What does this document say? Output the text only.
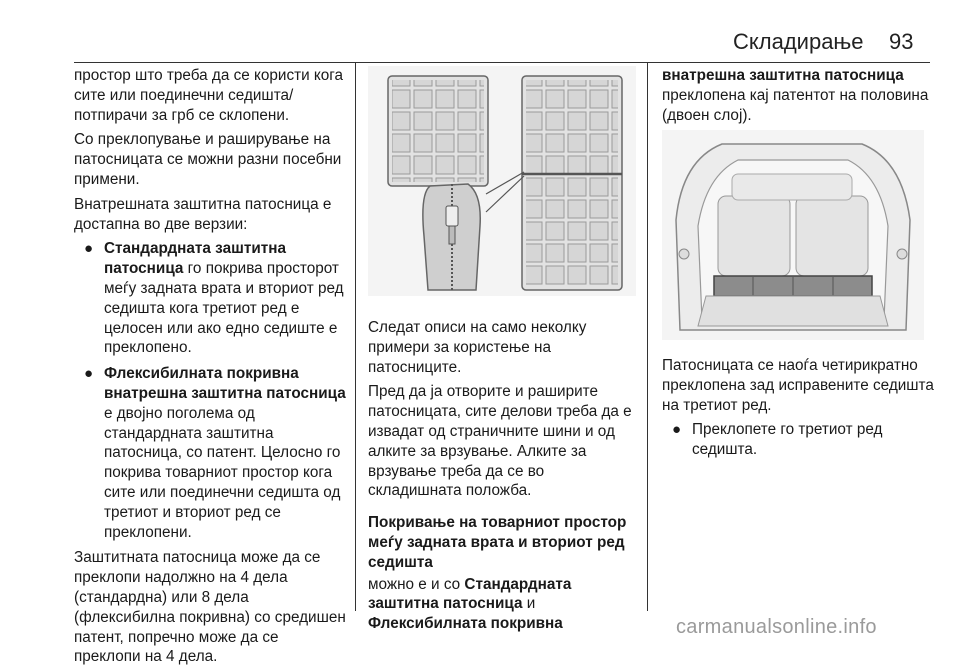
Складирање 93

простор што треба да се користи кога сите или поединечни седишта/потпирачи за грб се склопени.

Со преклопување и раширување на патосницата се можни разни посебни примени.

Внатрешната заштитна патосница е достапна во две верзии:

● Стандардната заштитна патосница го покрива просторот меѓу задната врата и вториот ред седишта кога третиот ред е целосен или ако едно седиште е преклопено.
● Флексибилната покривна внатрешна заштитна патосница е двојно поголема од стандардната заштитна патосница, со патент. Целосно го покрива товарниот простор кога сите или поединечни седишта од третиот и вториот ред се преклопени.

Заштитната патосница може да се преклопи надолжно на 4 дела (стандардна) или 8 дела (флексибилна покривна) со средишен патент, попречно може да се преклопи на 4 дела.

Следат описи на само неколку примери за користење на патосниците.

Пред да ја отворите и раширите патосницата, сите делови треба да е извадат од страничните шини и од алките за врзување. Алките за врзување треба да се во складишната положба.

Покривање на товарниот простор меѓу задната врата и вториот ред седишта

можно е и со Стандардната заштитна патосница и Флексибилната покривна

внатрешна заштитна патосница

преклопена кај патентот на половина (двоен слој).

Патосницата се наоѓа четирикратно преклопена зад исправените седишта на третиот ред.

● Преклопете го третиот ред седишта.
carmanualsonline.info
